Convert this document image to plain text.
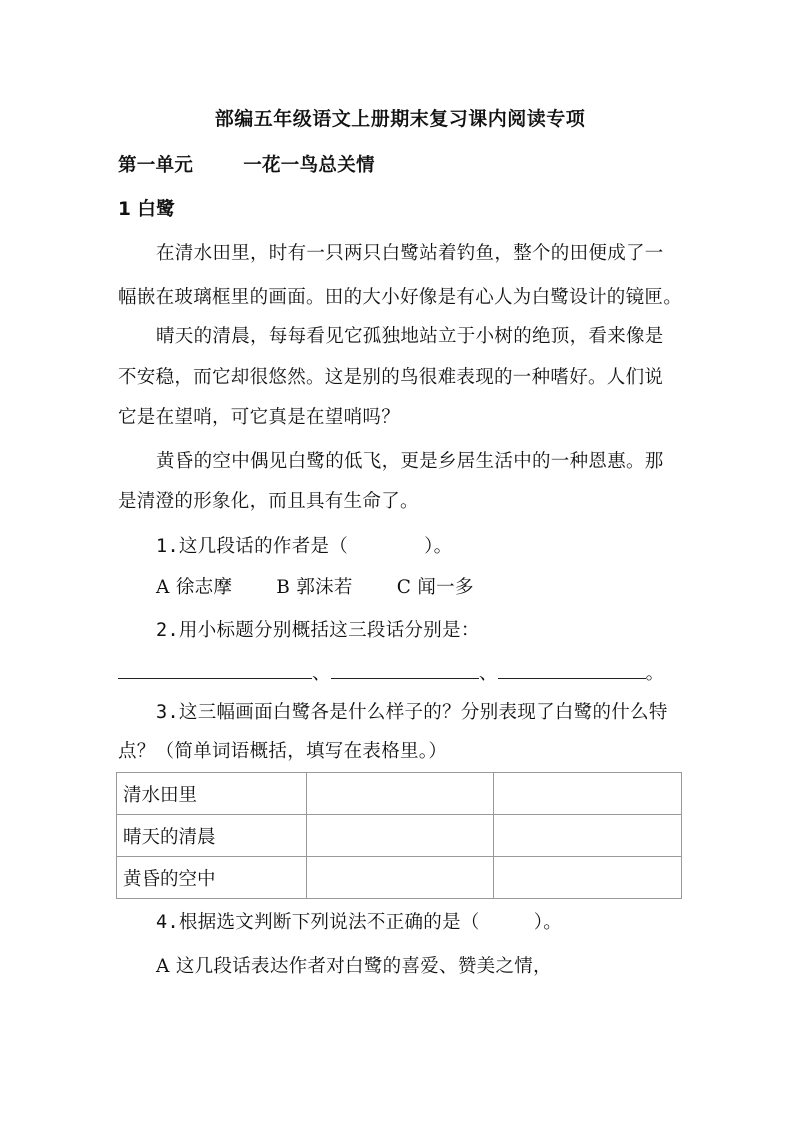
部编五年级语文上册期末复习课内阅读专项
第一单元	一花一鸟总关情
1 白鹭
在清水田里，时有一只两只白鹭站着钓鱼，整个的田便成了一
幅嵌在玻璃框里的画面。田的大小好像是有心人为白鹭设计的镜匣。
晴天的清晨，每每看见它孤独地站立于小树的绝顶，看来像是
不安稳，而它却很悠然。这是别的鸟很难表现的一种嗜好。人们说
它是在望哨，可它真是在望哨吗？
黄昏的空中偶见白鹭的低飞，更是乡居生活中的一种恩惠。那
是清澄的形象化，而且具有生命了。
1.这几段话的作者是（	）。
A 徐志摩 B 郭沫若 C 闻一多
2.用小标题分别概括这三段话分别是：
、	、	。
3.这三幅画面白鹭各是什么样子的？分别表现了白鹭的什么特
点？（简单词语概括，填写在表格里。）
清水田里		
晴天的清晨		
黄昏的空中		
4.根据选文判断下列说法不正确的是（	）。
A 这几段话表达作者对白鹭的喜爱、赞美之情，
